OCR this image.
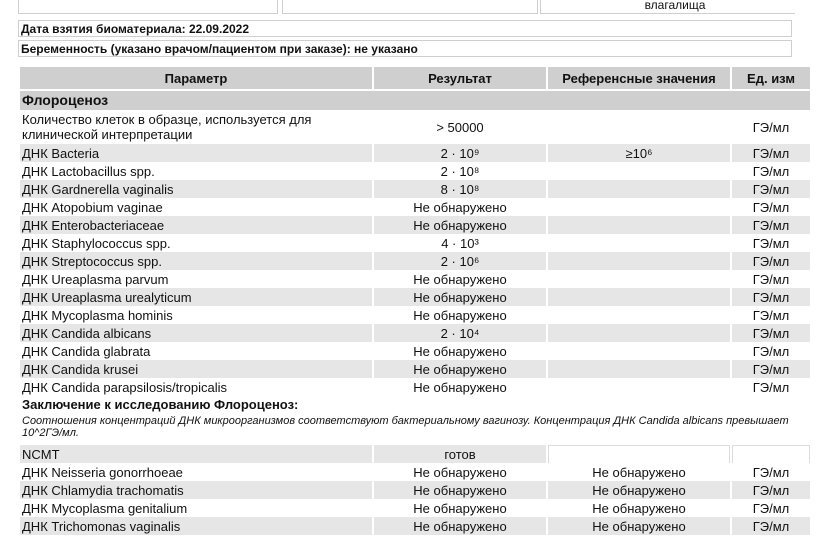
влагалища
Дата взятия биоматериала: 22.09.2022
Беременность (указано врачом/пациентом при заказе): не указано
Параметр	Результат	Референсные значения	Ед. изм

Флороценоз			
Количество клеток в образце, используется для клинической интерпретации	> 50000		ГЭ/мл
ДНК Bacteria	2 · 10⁹	≥10⁶	ГЭ/мл
ДНК Lactobacillus spp.	2 · 10⁸		ГЭ/мл
ДНК Gardnerella vaginalis	8 · 10⁸		ГЭ/мл
ДНК Atopobium vaginae	Не обнаружено		ГЭ/мл
ДНК Enterobacteriaceae	Не обнаружено		ГЭ/мл
ДНК Staphylococcus spp.	4 · 10³		ГЭ/мл
ДНК Streptococcus spp.	2 · 10⁶		ГЭ/мл
ДНК Ureaplasma parvum	Не обнаружено		ГЭ/мл
ДНК Ureaplasma urealyticum	Не обнаружено		ГЭ/мл
ДНК Mycoplasma hominis	Не обнаружено		ГЭ/мл
ДНК Candida albicans	2 · 10⁴		ГЭ/мл
ДНК Candida glabrata	Не обнаружено		ГЭ/мл
ДНК Candida krusei	Не обнаружено		ГЭ/мл
ДНК Candida parapsilosis/tropicalis	Не обнаружено		ГЭ/мл
Заключение к исследованию Флороценоз:			
Соотношения концентраций ДНК микроорганизмов соответствуют бактериальному вагинозу. Концентрация ДНК Candida albicans превышает 10^2ГЭ/мл.			
NCMT	готов		
ДНК Neisseria gonorrhoeae	Не обнаружено	Не обнаружено	ГЭ/мл
ДНК Chlamydia trachomatis	Не обнаружено	Не обнаружено	ГЭ/мл
ДНК Mycoplasma genitalium	Не обнаружено	Не обнаружено	ГЭ/мл
ДНК Trichomonas vaginalis	Не обнаружено	Не обнаружено	ГЭ/мл
